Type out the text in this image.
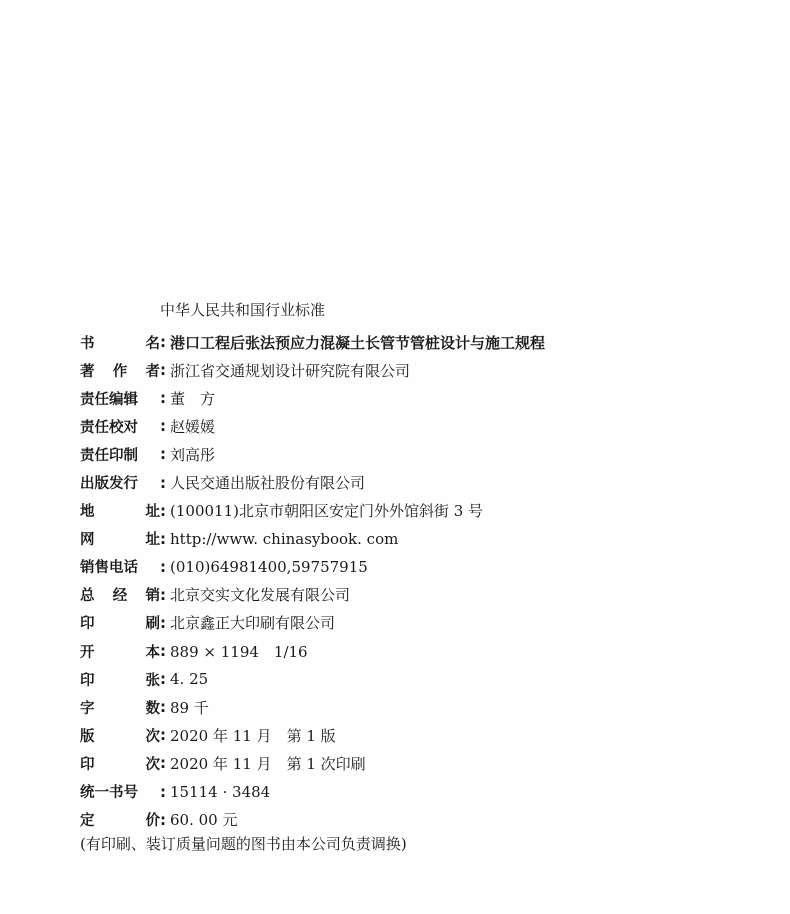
中华人民共和国行业标准
书	名 : 港口工程后张法预应力混凝土长管节管桩设计与施工规程
著 作 者 : 浙江省交通规划设计研究院有限公司
责任编辑 : 董　方
责任校对 : 赵媛媛
责任印制 : 刘高彤
出版发行 : 人民交通出版社股份有限公司
地	址 : (100011)北京市朝阳区安定门外外馆斜街 3 号
网	址 : http://www. chinasybook. com
销售电话 : (010)64981400,59757915
总 经 销 : 北京交实文化发展有限公司
印	刷 : 北京鑫正大印刷有限公司
开	本 : 889 × 1194　1/16
印	张 : 4. 25
字	数 : 89 千
版	次 : 2020 年 11 月　第 1 版
印	次 : 2020 年 11 月　第 1 次印刷
统一书号 : 15114 · 3484
定	价 : 60. 00 元
(有印刷、装订质量问题的图书由本公司负责调换)
